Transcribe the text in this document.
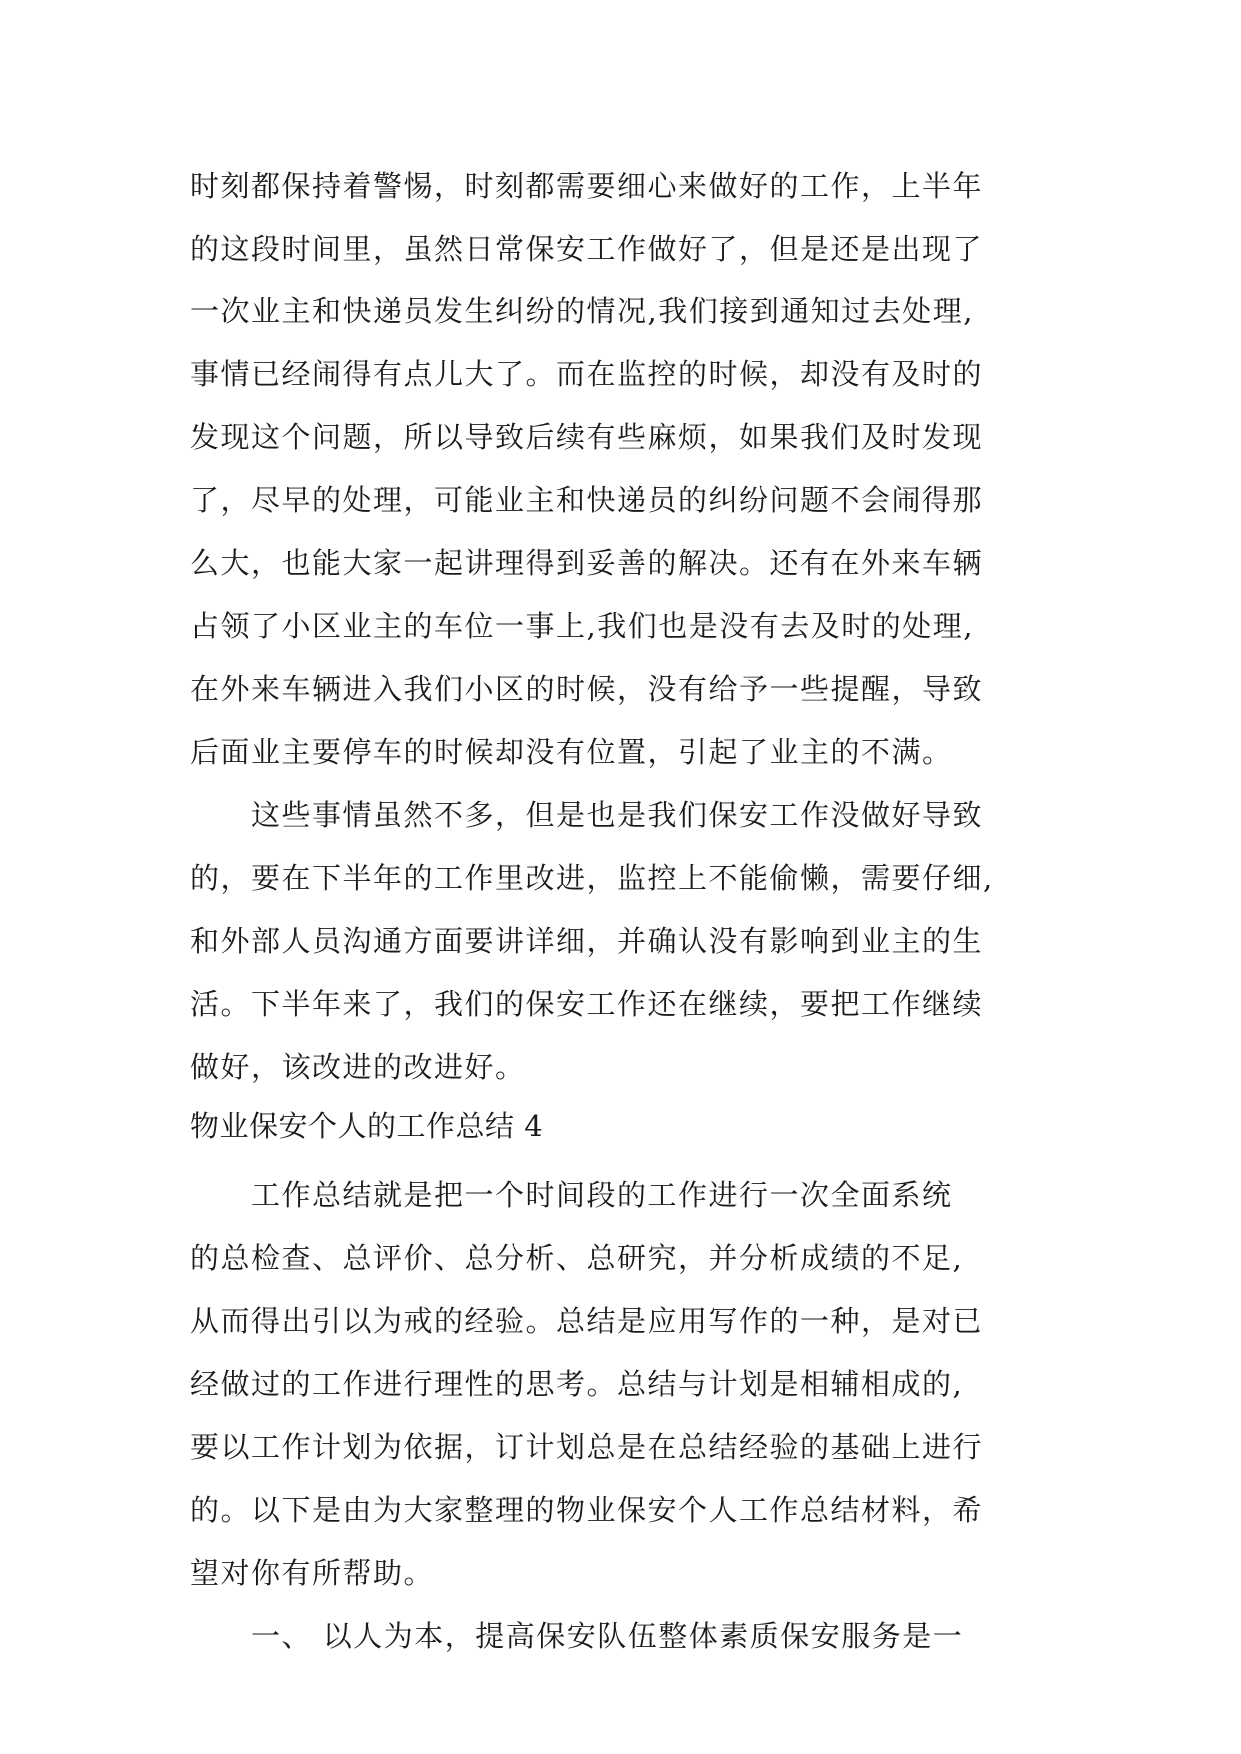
时刻都保持着警惕，时刻都需要细心来做好的工作，上半年
的这段时间里，虽然日常保安工作做好了，但是还是出现了
一次业主和快递员发生纠纷的情况,我们接到通知过去处理,
事情已经闹得有点儿大了。而在监控的时候，却没有及时的
发现这个问题，所以导致后续有些麻烦，如果我们及时发现
了，尽早的处理，可能业主和快递员的纠纷问题不会闹得那
么大，也能大家一起讲理得到妥善的解决。还有在外来车辆
占领了小区业主的车位一事上,我们也是没有去及时的处理,
在外来车辆进入我们小区的时候，没有给予一些提醒，导致
后面业主要停车的时候却没有位置，引起了业主的不满。
　　这些事情虽然不多，但是也是我们保安工作没做好导致
的，要在下半年的工作里改进，监控上不能偷懒，需要仔细,
和外部人员沟通方面要讲详细，并确认没有影响到业主的生
活。下半年来了，我们的保安工作还在继续，要把工作继续
做好，该改进的改进好。
物业保安个人的工作总结 4
　　工作总结就是把一个时间段的工作进行一次全面系统
的总检查、总评价、总分析、总研究，并分析成绩的不足,
从而得出引以为戒的经验。总结是应用写作的一种，是对已
经做过的工作进行理性的思考。总结与计划是相辅相成的,
要以工作计划为依据，订计划总是在总结经验的基础上进行
的。以下是由为大家整理的物业保安个人工作总结材料，希
望对你有所帮助。
　　一、 以人为本，提高保安队伍整体素质保安服务是一
